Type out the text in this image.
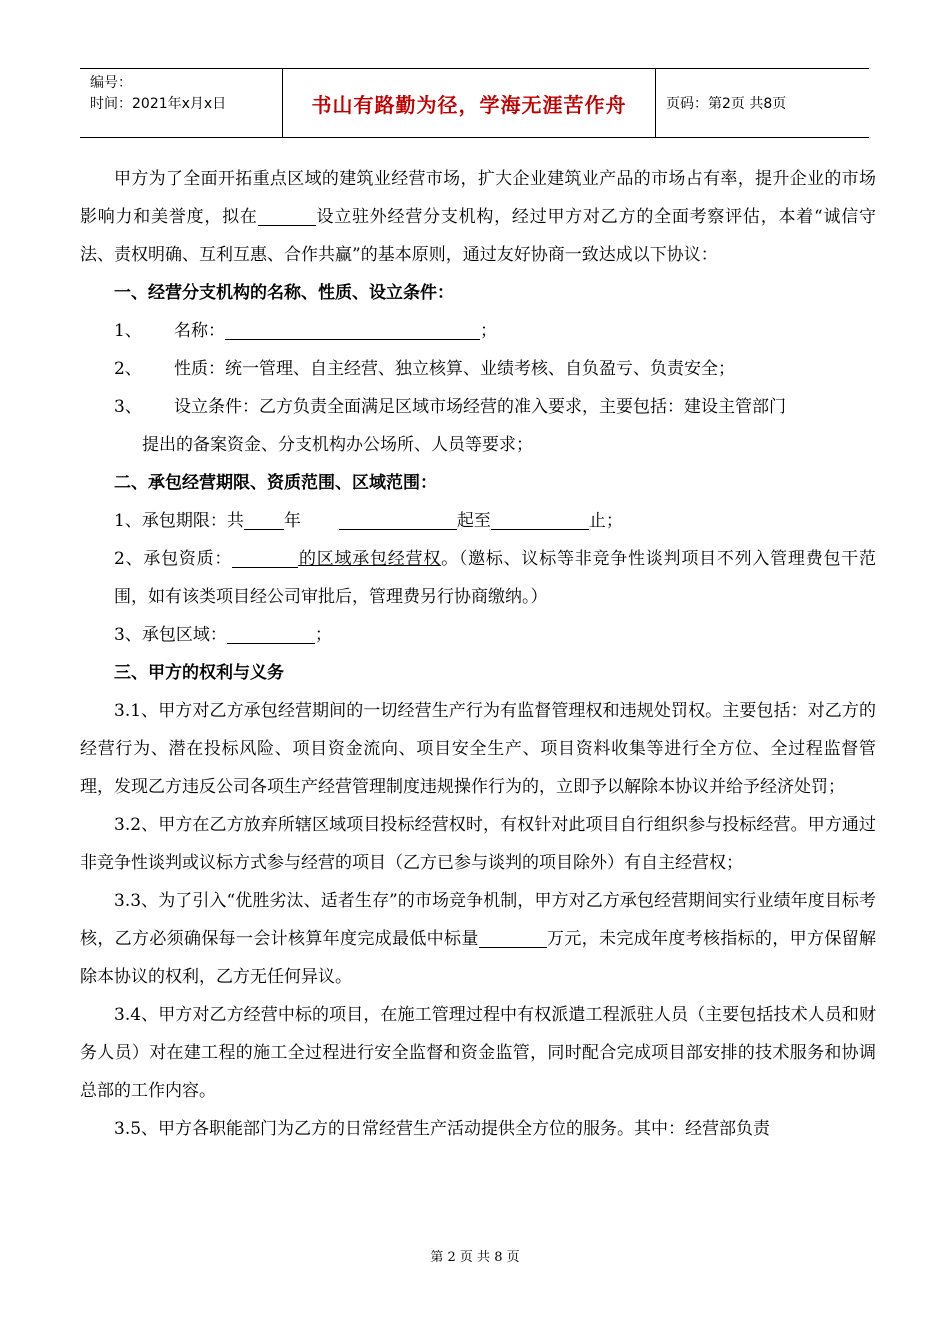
编号：
时间：2021年x月x日	书山有路勤为径，学海无涯苦作舟	页码：第2页 共8页

甲方为了全面开拓重点区域的建筑业经营市场，扩大企业建筑业产品的市场占有率，提升企业的市场影响力和美誉度，拟在	设立驻外经营分支机构，经过甲方对乙方的全面考察评估，本着“诚信守法、责权明确、互利互惠、合作共赢”的基本原则，通过友好协商一致达成以下协议：

一、经营分支机构的名称、性质、设立条件：

1、 名称：	；

2、 性质：统一管理、自主经营、独立核算、业绩考核、自负盈亏、负责安全；

3、 设立条件：乙方负责全面满足区域市场经营的准入要求，主要包括：建设主管部门

提出的备案资金、分支机构办公场所、人员等要求；

二、承包经营期限、资质范围、区域范围：

1、承包期限：共 年	起至	止；

2、承包资质：	的区域承包经营权。（邀标、议标等非竞争性谈判项目不列入管理费包干范围，如有该类项目经公司审批后，管理费另行协商缴纳。）

3、承包区域：	；

三、甲方的权利与义务

3.1、甲方对乙方承包经营期间的一切经营生产行为有监督管理权和违规处罚权。主要包括：对乙方的经营行为、潜在投标风险、项目资金流向、项目安全生产、项目资料收集等进行全方位、全过程监督管理，发现乙方违反公司各项生产经营管理制度违规操作行为的，立即予以解除本协议并给予经济处罚；

3.2、甲方在乙方放弃所辖区域项目投标经营权时，有权针对此项目自行组织参与投标经营。甲方通过非竞争性谈判或议标方式参与经营的项目（乙方已参与谈判的项目除外）有自主经营权；

3.3、为了引入“优胜劣汰、适者生存”的市场竞争机制，甲方对乙方承包经营期间实行业绩年度目标考核，乙方必须确保每一会计核算年度完成最低中标量	万元，未完成年度考核指标的，甲方保留解除本协议的权利，乙方无任何异议。

3.4、甲方对乙方经营中标的项目，在施工管理过程中有权派遣工程派驻人员（主要包括技术人员和财务人员）对在建工程的施工全过程进行安全监督和资金监管，同时配合完成项目部安排的技术服务和协调总部的工作内容。

3.5、甲方各职能部门为乙方的日常经营生产活动提供全方位的服务。其中：经营部负责

第 2 页 共 8 页
